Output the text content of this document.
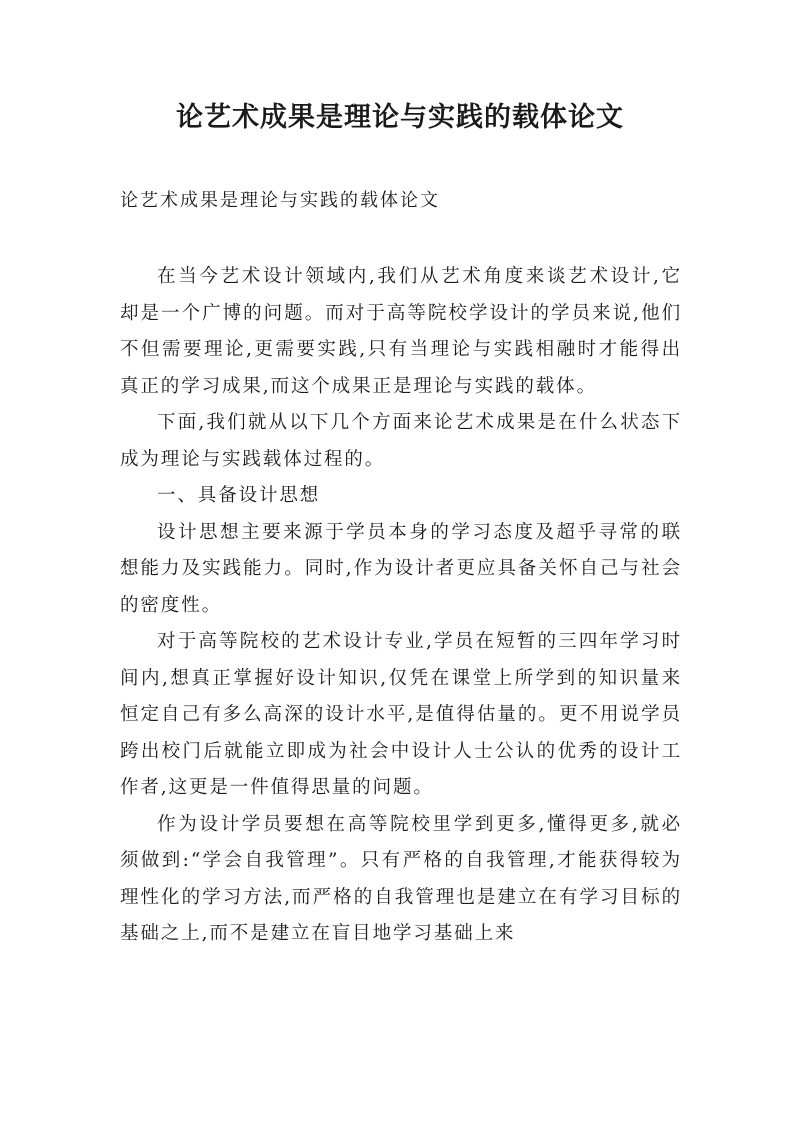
论艺术成果是理论与实践的载体论文

论艺术成果是理论与实践的载体论文

在当今艺术设计领域内,我们从艺术角度来谈艺术设计,它却是一个广博的问题。而对于高等院校学设计的学员来说,他们不但需要理论,更需要实践,只有当理论与实践相融时才能得出真正的学习成果,而这个成果正是理论与实践的载体。

下面,我们就从以下几个方面来论艺术成果是在什么状态下成为理论与实践载体过程的。

一、具备设计思想

设计思想主要来源于学员本身的学习态度及超乎寻常的联想能力及实践能力。同时,作为设计者更应具备关怀自己与社会的密度性。

对于高等院校的艺术设计专业,学员在短暂的三四年学习时间内,想真正掌握好设计知识,仅凭在课堂上所学到的知识量来恒定自己有多么高深的设计水平,是值得估量的。更不用说学员跨出校门后就能立即成为社会中设计人士公认的优秀的设计工作者,这更是一件值得思量的问题。

作为设计学员要想在高等院校里学到更多,懂得更多,就必须做到:“学会自我管理”。只有严格的自我管理,才能获得较为理性化的学习方法,而严格的自我管理也是建立在有学习目标的基础之上,而不是建立在盲目地学习基础上来
